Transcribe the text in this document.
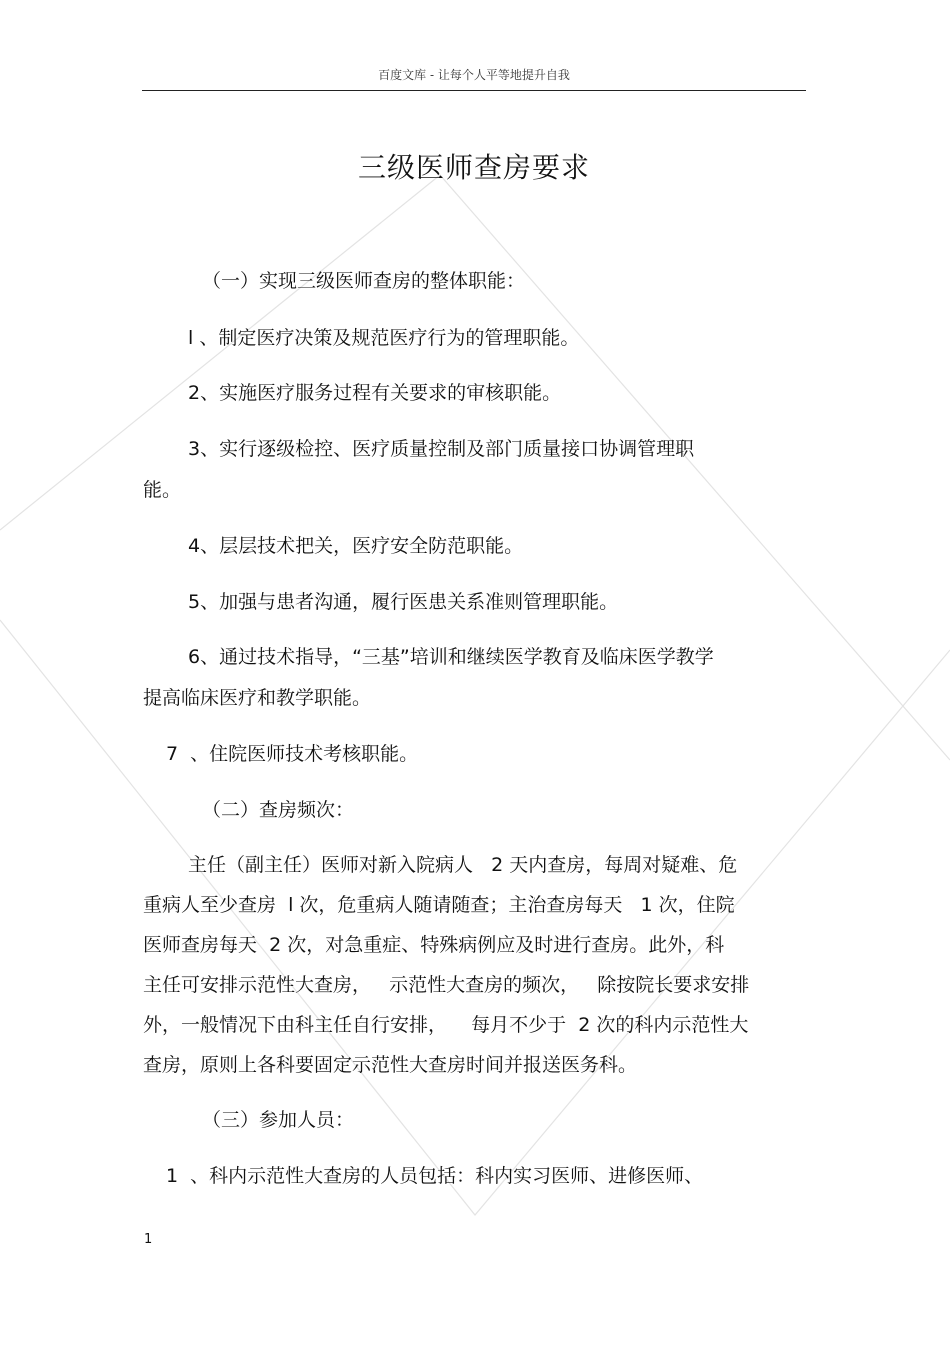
百度文库 - 让每个人平等地提升自我
三级医师查房要求
（一）实现三级医师查房的整体职能：
l 、制定医疗决策及规范医疗行为的管理职能。
2、实施医疗服务过程有关要求的审核职能。
3、实行逐级检控、医疗质量控制及部门质量接口协调管理职
能。
4、层层技术把关，医疗安全防范职能。
5、加强与患者沟通，履行医患关系准则管理职能。
6、通过技术指导，“三基”培训和继续医学教育及临床医学教学
提高临床医疗和教学职能。
7  、住院医师技术考核职能。
（二）查房频次：
主任（副主任）医师对新入院病人   2 天内查房，每周对疑难、危
重病人至少查房  l 次，危重病人随请随查；主治查房每天   1 次，住院
医师查房每天  2 次，对急重症、特殊病例应及时进行查房。此外，科
主任可安排示范性大查房，   示范性大查房的频次，   除按院长要求安排
外，一般情况下由科主任自行安排，    每月不少于  2 次的科内示范性大
查房，原则上各科要固定示范性大查房时间并报送医务科。
（三）参加人员：
1  、科内示范性大查房的人员包括：科内实习医师、进修医师、
1
